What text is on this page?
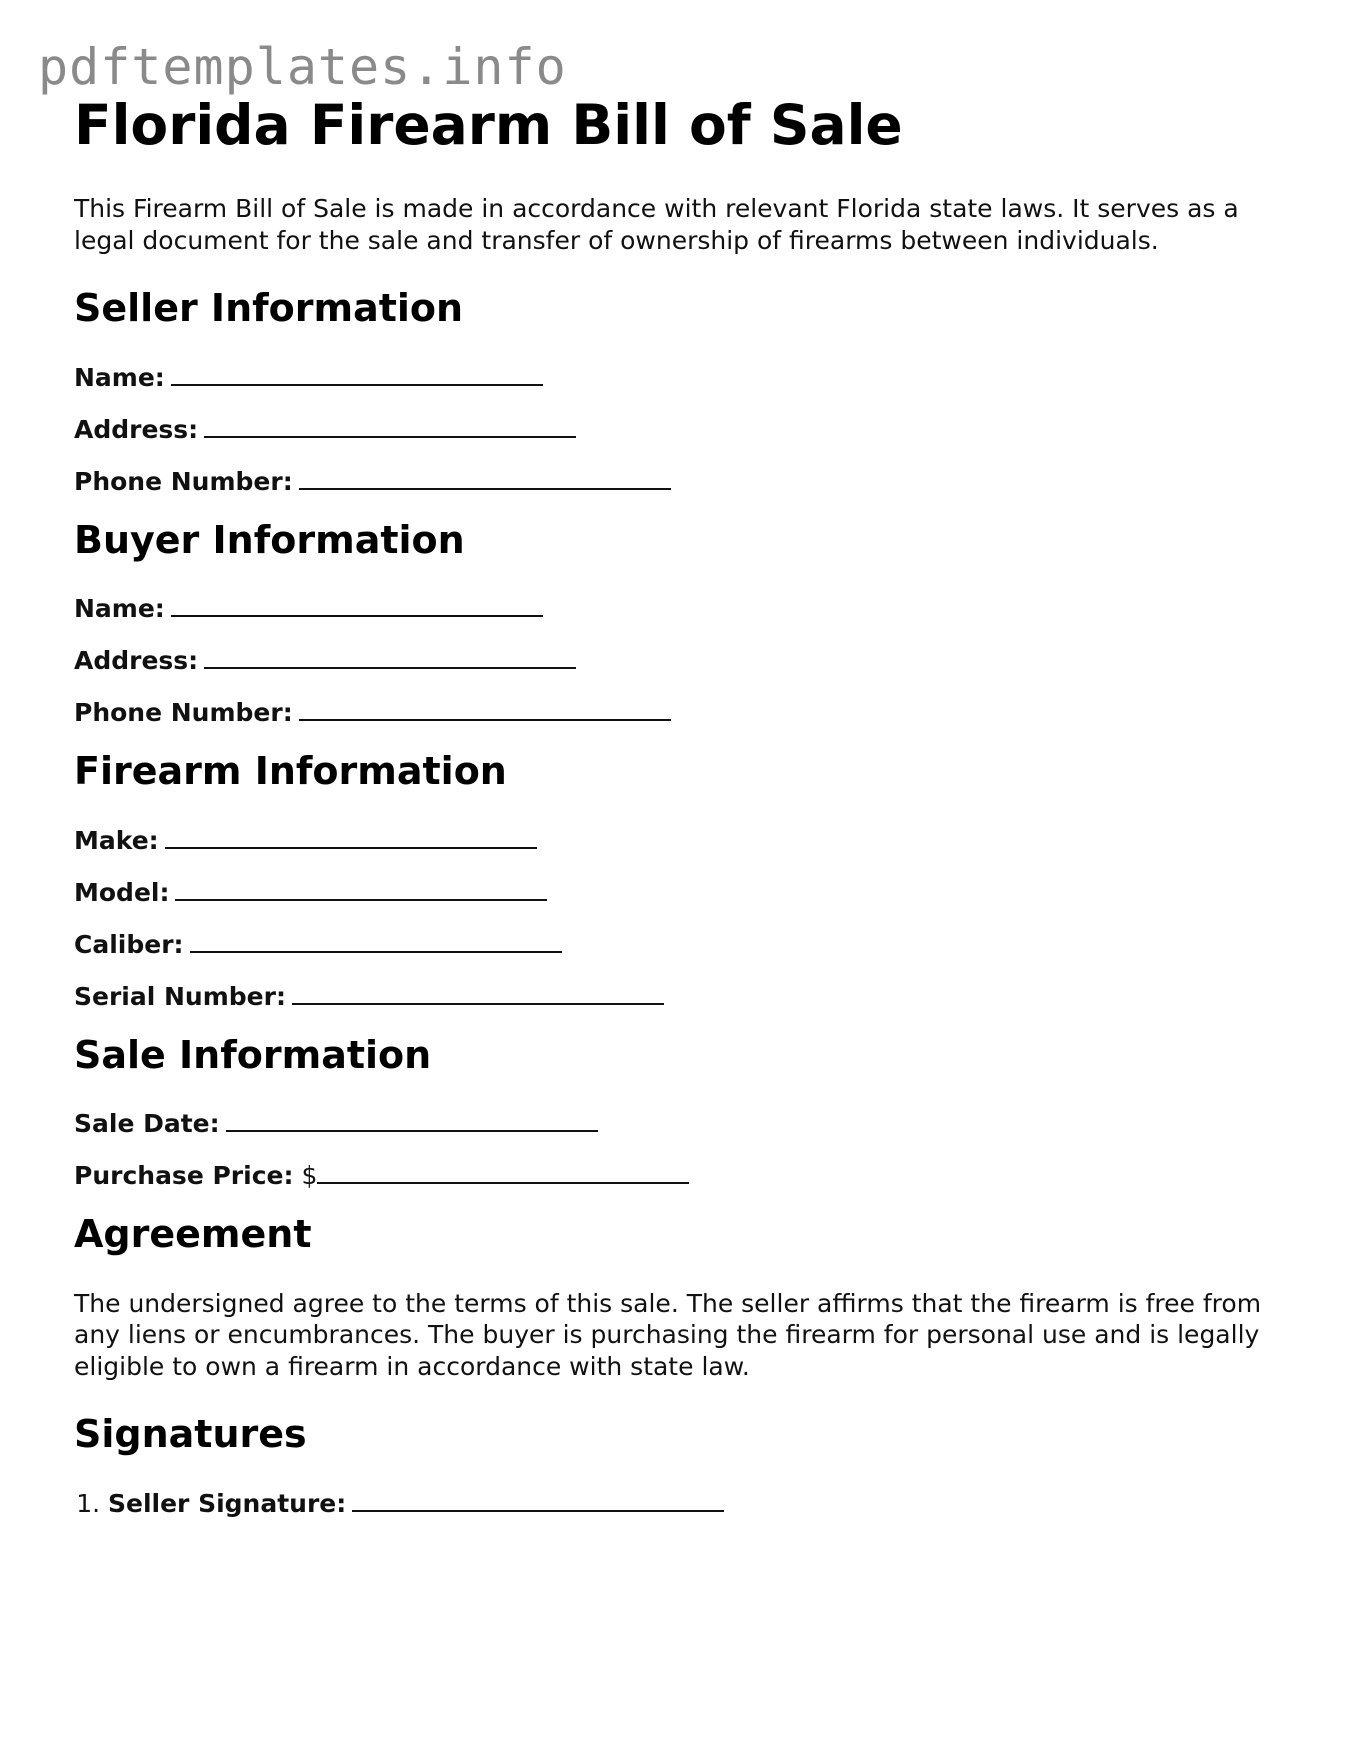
pdftemplates.info
Florida Firearm Bill of Sale

This Firearm Bill of Sale is made in accordance with relevant Florida state laws. It serves as a legal document for the sale and transfer of ownership of firearms between individuals.

Seller Information
Name:
Address:
Phone Number:
Buyer Information
Name:
Address:
Phone Number:
Firearm Information
Make:
Model:
Caliber:
Serial Number:
Sale Information
Sale Date:
Purchase Price: $
Agreement

The undersigned agree to the terms of this sale. The seller affirms that the firearm is free from any liens or encumbrances. The buyer is purchasing the firearm for personal use and is legally eligible to own a firearm in accordance with state law.

Signatures
1. Seller Signature:
